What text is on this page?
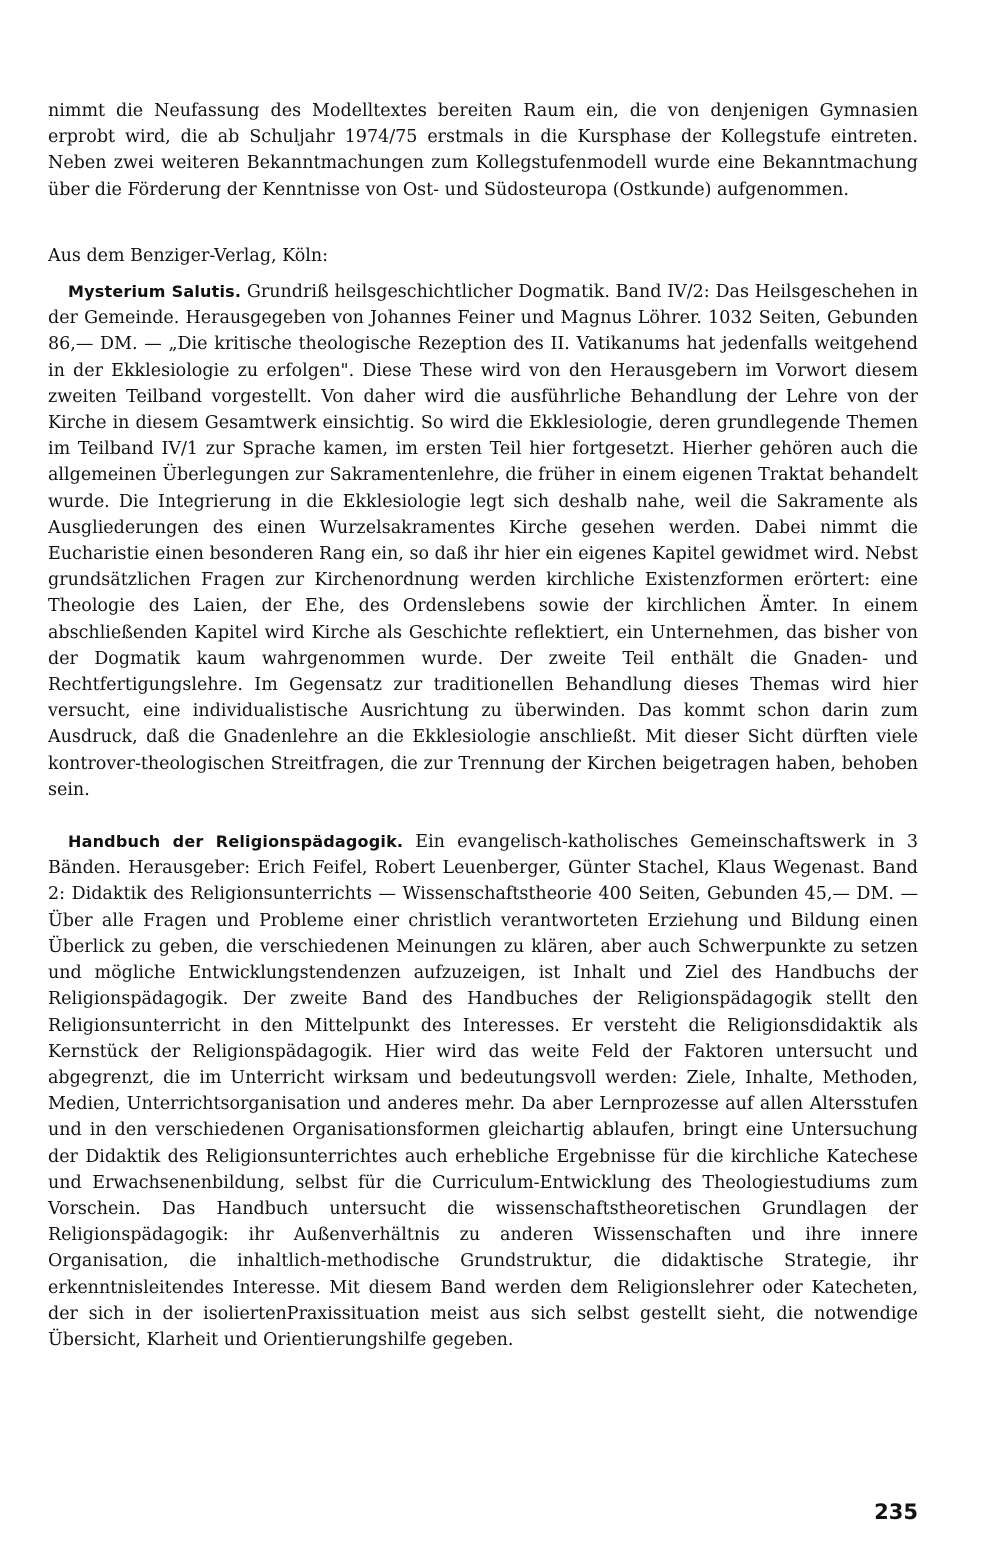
nimmt die Neufassung des Modelltextes bereiten Raum ein, die von denjenigen Gymnasien erprobt wird, die ab Schuljahr 1974/75 erstmals in die Kursphase der Kollegstufe eintreten. Neben zwei weiteren Bekanntmachungen zum Kollegstufenmodell wurde eine Bekanntmachung über die Förderung der Kenntnisse von Ost- und Südosteuropa (Ostkunde) aufgenommen.

Aus dem Benziger-Verlag, Köln:

Mysterium Salutis. Grundriß heilsgeschichtlicher Dogmatik. Band IV/2: Das Heilsgeschehen in der Gemeinde. Herausgegeben von Johannes Feiner und Magnus Löhrer. 1032 Seiten, Gebunden 86,— DM. — „Die kritische theologische Rezeption des II. Vatikanums hat jedenfalls weitgehend in der Ekklesiologie zu erfolgen". Diese These wird von den Herausgebern im Vorwort diesem zweiten Teilband vorgestellt. Von daher wird die ausführliche Behandlung der Lehre von der Kirche in diesem Gesamtwerk einsichtig. So wird die Ekklesiologie, deren grundlegende Themen im Teilband IV/1 zur Sprache kamen, im ersten Teil hier fortgesetzt. Hierher gehören auch die allgemeinen Überlegungen zur Sakramentenlehre, die früher in einem eigenen Traktat behandelt wurde. Die Integrierung in die Ekklesiologie legt sich deshalb nahe, weil die Sakramente als Ausgliederungen des einen Wurzelsakramentes Kirche gesehen werden. Dabei nimmt die Eucharistie einen besonderen Rang ein, so daß ihr hier ein eigenes Kapitel gewidmet wird. Nebst grundsätzlichen Fragen zur Kirchenordnung werden kirchliche Existenzformen erörtert: eine Theologie des Laien, der Ehe, des Ordenslebens sowie der kirchlichen Ämter. In einem abschließenden Kapitel wird Kirche als Geschichte reflektiert, ein Unternehmen, das bisher von der Dogmatik kaum wahrgenommen wurde. Der zweite Teil enthält die Gnaden- und Rechtfertigungslehre. Im Gegensatz zur traditionellen Behandlung dieses Themas wird hier versucht, eine individualistische Ausrichtung zu überwinden. Das kommt schon darin zum Ausdruck, daß die Gnadenlehre an die Ekklesiologie anschließt. Mit dieser Sicht dürften viele kontrover-theologischen Streitfragen, die zur Trennung der Kirchen beigetragen haben, behoben sein.

Handbuch der Religionspädagogik. Ein evangelisch-katholisches Gemeinschaftswerk in 3 Bänden. Herausgeber: Erich Feifel, Robert Leuenberger, Günter Stachel, Klaus Wegenast. Band 2: Didaktik des Religionsunterrichts — Wissenschaftstheorie 400 Seiten, Gebunden 45,— DM. — Über alle Fragen und Probleme einer christlich verantworteten Erziehung und Bildung einen Überlick zu geben, die verschiedenen Meinungen zu klären, aber auch Schwerpunkte zu setzen und mögliche Entwicklungstendenzen aufzuzeigen, ist Inhalt und Ziel des Handbuchs der Religionspädagogik. Der zweite Band des Handbuches der Religionspädagogik stellt den Religionsunterricht in den Mittelpunkt des Interesses. Er versteht die Religionsdidaktik als Kernstück der Religionspädagogik. Hier wird das weite Feld der Faktoren untersucht und abgegrenzt, die im Unterricht wirksam und bedeutungsvoll werden: Ziele, Inhalte, Methoden, Medien, Unterrichtsorganisation und anderes mehr. Da aber Lernprozesse auf allen Altersstufen und in den verschiedenen Organisationsformen gleichartig ablaufen, bringt eine Untersuchung der Didaktik des Religionsunterrichtes auch erhebliche Ergebnisse für die kirchliche Katechese und Erwachsenenbildung, selbst für die Curriculum-Entwicklung des Theologiestudiums zum Vorschein. Das Handbuch untersucht die wissenschaftstheoretischen Grundlagen der Religionspädagogik: ihr Außenverhältnis zu anderen Wissenschaften und ihre innere Organisation, die inhaltlich-methodische Grundstruktur, die didaktische Strategie, ihr erkenntnisleitendes Interesse. Mit diesem Band werden dem Religionslehrer oder Katecheten, der sich in der isoliertenPraxissituation meist aus sich selbst gestellt sieht, die notwendige Übersicht, Klarheit und Orientierungshilfe gegeben.

235
